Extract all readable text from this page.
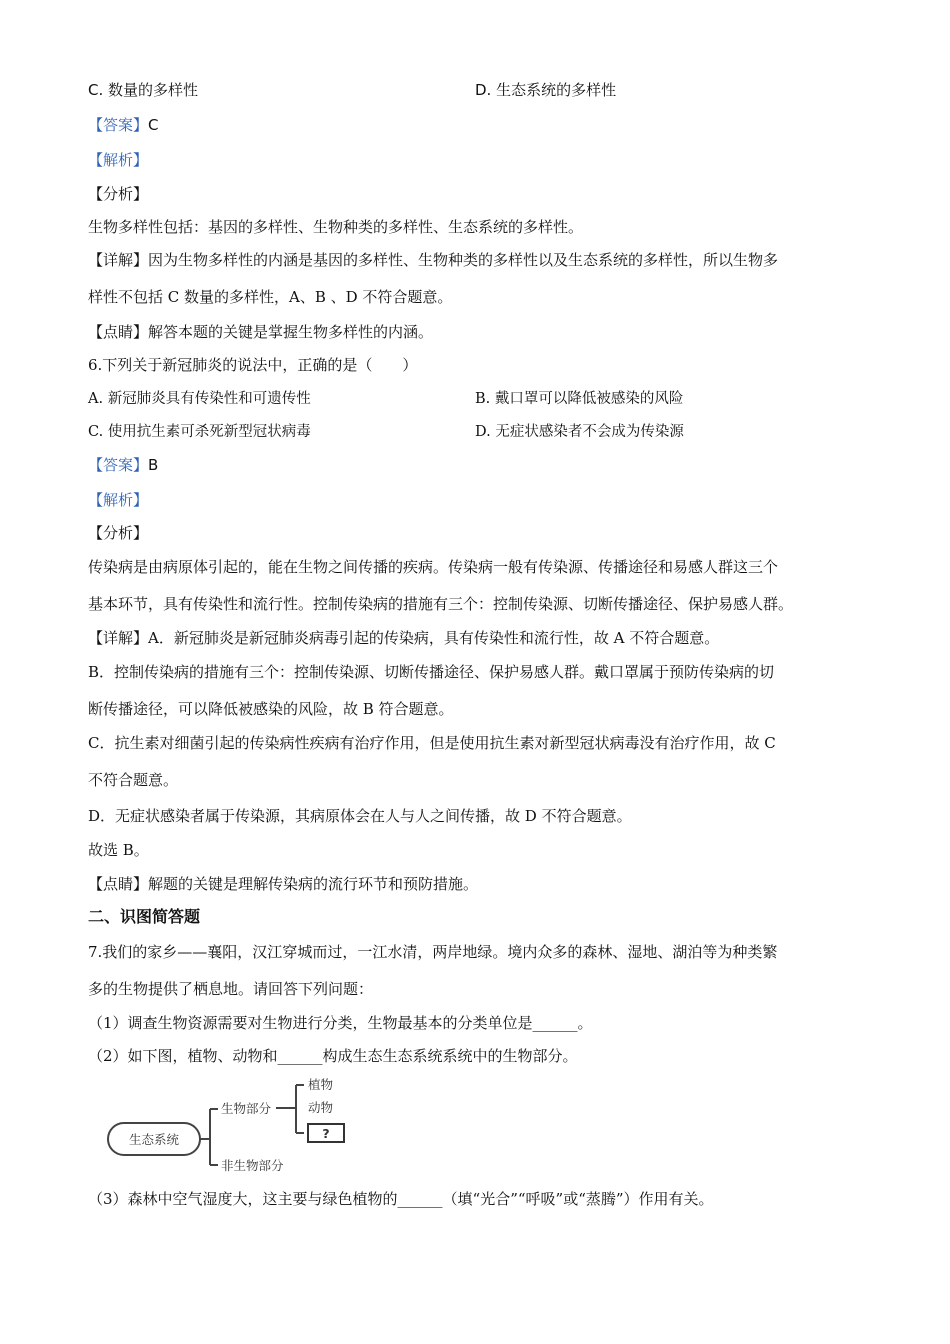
C. 数量的多样性	D. 生态系统的多样性
【答案】C
【解析】
【分析】
生物多样性包括：基因的多样性、生物种类的多样性、生态系统的多样性。
【详解】因为生物多样性的内涵是基因的多样性、生物种类的多样性以及生态系统的多样性，所以生物多
样性不包括 C 数量的多样性，A、B 、D 不符合题意。
【点睛】解答本题的关键是掌握生物多样性的内涵。
6.下列关于新冠肺炎的说法中，正确的是（　　）
A. 新冠肺炎具有传染性和可遗传性	B. 戴口罩可以降低被感染的风险
C. 使用抗生素可杀死新型冠状病毒	D. 无症状感染者不会成为传染源
【答案】B
【解析】
【分析】
传染病是由病原体引起的，能在生物之间传播的疾病。传染病一般有传染源、传播途径和易感人群这三个
基本环节，具有传染性和流行性。控制传染病的措施有三个：控制传染源、切断传播途径、保护易感人群。
【详解】A．新冠肺炎是新冠肺炎病毒引起的传染病，具有传染性和流行性，故 A 不符合题意。
B．控制传染病的措施有三个：控制传染源、切断传播途径、保护易感人群。戴口罩属于预防传染病的切
断传播途径，可以降低被感染的风险，故 B 符合题意。
C．抗生素对细菌引起的传染病性疾病有治疗作用，但是使用抗生素对新型冠状病毒没有治疗作用，故 C
不符合题意。
D．无症状感染者属于传染源，其病原体会在人与人之间传播，故 D 不符合题意。
故选 B。
【点睛】解题的关键是理解传染病的流行环节和预防措施。
二、识图简答题
7.我们的家乡——襄阳，汉江穿城而过，一江水清，两岸地绿。境内众多的森林、湿地、湖泊等为种类繁
多的生物提供了栖息地。请回答下列问题：
（1）调查生物资源需要对生物进行分类，生物最基本的分类单位是______。
（2）如下图，植物、动物和______构成生态生态系统系统中的生物部分。
生态系统
生物部分
非生物部分
植物
动物
?
（3）森林中空气湿度大，这主要与绿色植物的______（填“光合”“呼吸”或“蒸腾”）作用有关。
